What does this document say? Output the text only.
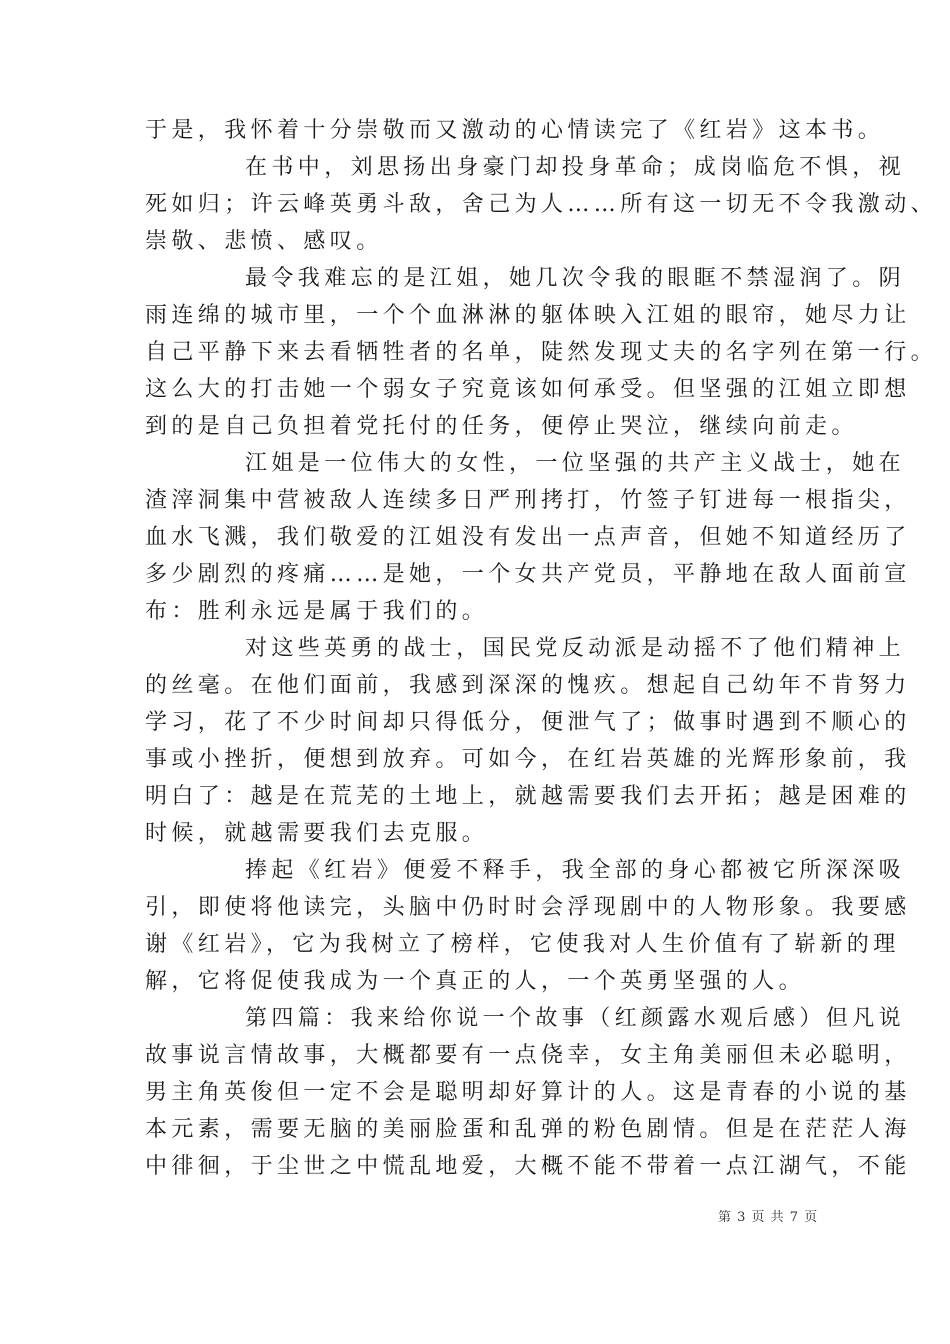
于是，我怀着十分崇敬而又激动的心情读完了《红岩》这本书。
在书中，刘思扬出身豪门却投身革命；成岗临危不惧，视
死如归；许云峰英勇斗敌，舍己为人……所有这一切无不令我激动、
崇敬、悲愤、感叹。
最令我难忘的是江姐，她几次令我的眼眶不禁湿润了。阴
雨连绵的城市里，一个个血淋淋的躯体映入江姐的眼帘，她尽力让
自己平静下来去看牺牲者的名单，陡然发现丈夫的名字列在第一行。
这么大的打击她一个弱女子究竟该如何承受。但坚强的江姐立即想
到的是自己负担着党托付的任务，便停止哭泣，继续向前走。
江姐是一位伟大的女性，一位坚强的共产主义战士，她在
渣滓洞集中营被敌人连续多日严刑拷打，竹签子钉进每一根指尖，
血水飞溅，我们敬爱的江姐没有发出一点声音，但她不知道经历了
多少剧烈的疼痛……是她，一个女共产党员，平静地在敌人面前宣
布：胜利永远是属于我们的。
对这些英勇的战士，国民党反动派是动摇不了他们精神上
的丝毫。在他们面前，我感到深深的愧疚。想起自己幼年不肯努力
学习，花了不少时间却只得低分，便泄气了；做事时遇到不顺心的
事或小挫折，便想到放弃。可如今，在红岩英雄的光辉形象前，我
明白了：越是在荒芜的土地上，就越需要我们去开拓；越是困难的
时候，就越需要我们去克服。
捧起《红岩》便爱不释手，我全部的身心都被它所深深吸
引，即使将他读完，头脑中仍时时会浮现剧中的人物形象。我要感
谢《红岩》，它为我树立了榜样，它使我对人生价值有了崭新的理
解，它将促使我成为一个真正的人，一个英勇坚强的人。
第四篇：我来给你说一个故事（红颜露水观后感）但凡说
故事说言情故事，大概都要有一点侥幸，女主角美丽但未必聪明，
男主角英俊但一定不会是聪明却好算计的人。这是青春的小说的基
本元素，需要无脑的美丽脸蛋和乱弹的粉色剧情。但是在茫茫人海
中徘徊，于尘世之中慌乱地爱，大概不能不带着一点江湖气，不能
第 3 页 共 7 页
